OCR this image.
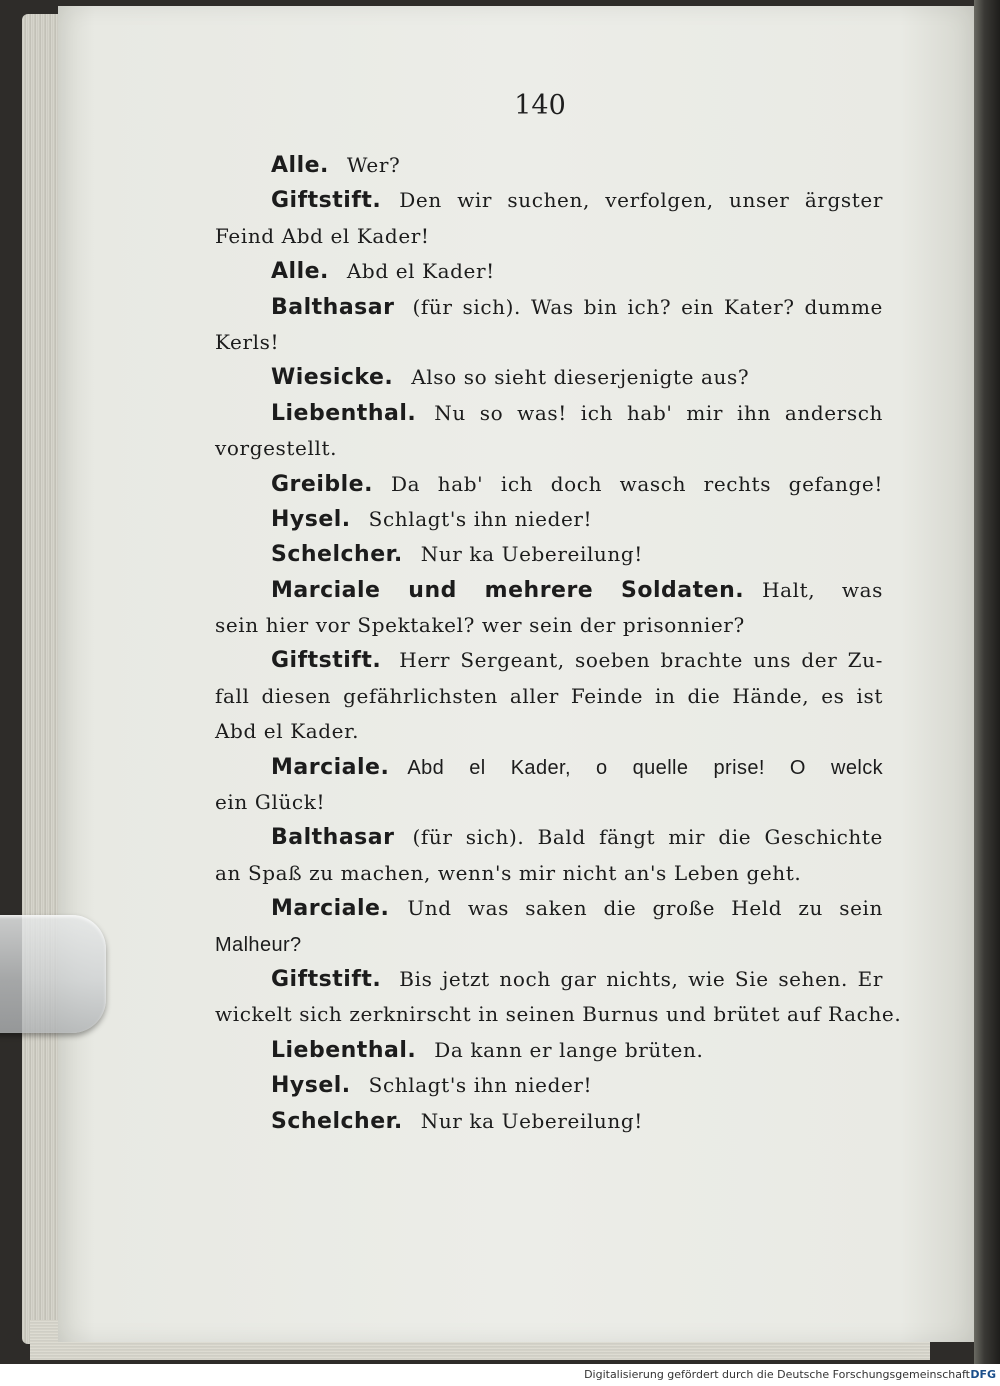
140
Alle. Wer?
Giftstift. Den wir suchen, verfolgen, unser ärgster
Feind Abd el Kader!
Alle. Abd el Kader!
Balthasar (für sich). Was bin ich? ein Kater? dumme
Kerls!
Wiesicke. Also so sieht dieserjenigte aus?
Liebenthal. Nu so was! ich hab' mir ihn andersch
vorgestellt.
Greible. Da hab' ich doch wasch rechts gefange!
Hysel. Schlagt's ihn nieder!
Schelcher. Nur ka Uebereilung!
Marciale und mehrere Soldaten. Halt, was
sein hier vor Spektakel? wer sein der prisonnier?
Giftstift. Herr Sergeant, soeben brachte uns der Zu-
fall diesen gefährlichsten aller Feinde in die Hände, es ist
Abd el Kader.
Marciale. Abd el Kader, o quelle prise! O welck
ein Glück!
Balthasar (für sich). Bald fängt mir die Geschichte
an Spaß zu machen, wenn's mir nicht an's Leben geht.
Marciale. Und was saken die große Held zu sein
Malheur?
Giftstift. Bis jetzt noch gar nichts, wie Sie sehen. Er
wickelt sich zerknirscht in seinen Burnus und brütet auf Rache.
Liebenthal. Da kann er lange brüten.
Hysel. Schlagt's ihn nieder!
Schelcher. Nur ka Uebereilung!
Digitalisierung gefördert durch die Deutsche Forschungsgemeinschaft DFG
